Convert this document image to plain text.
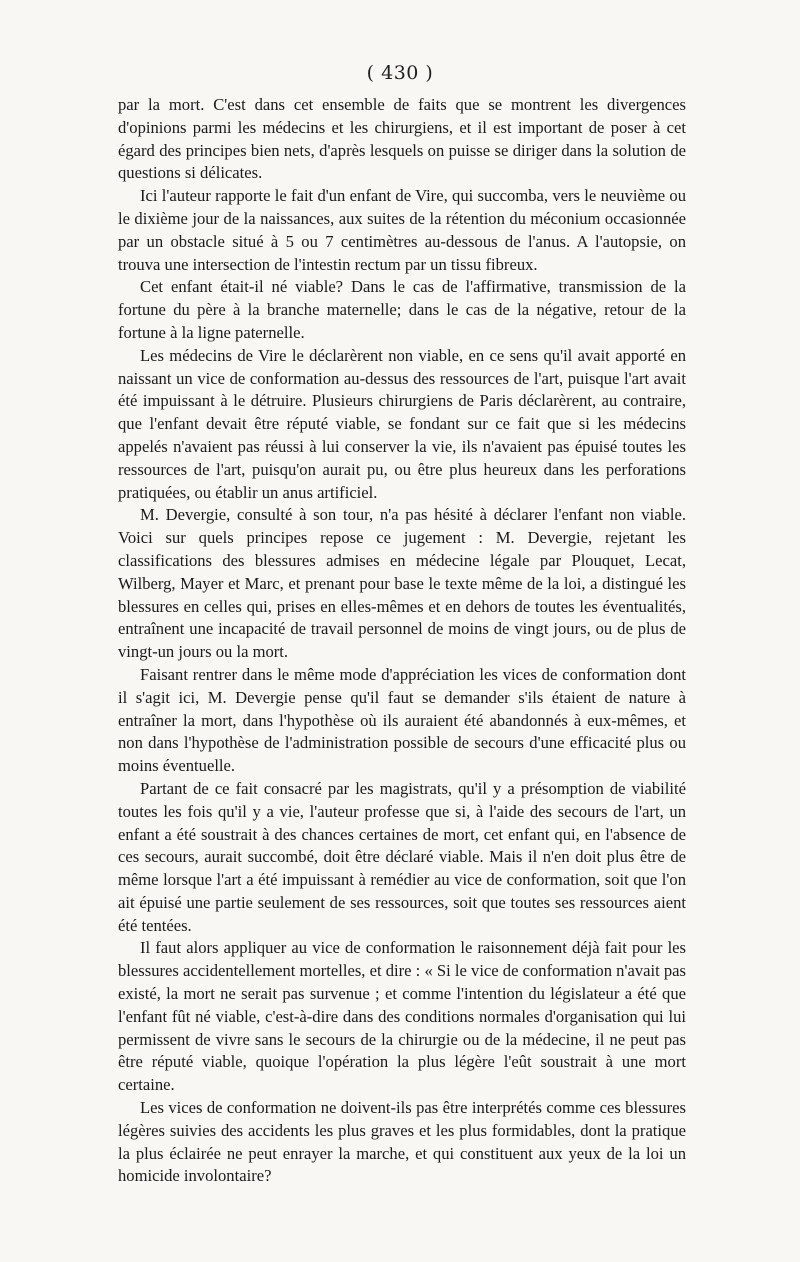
( 430 )

par la mort. C'est dans cet ensemble de faits que se montrent les divergences d'opinions parmi les médecins et les chirurgiens, et il est important de poser à cet égard des principes bien nets, d'après lesquels on puisse se diriger dans la solution de questions si délicates.

Ici l'auteur rapporte le fait d'un enfant de Vire, qui succomba, vers le neuvième ou le dixième jour de la naissances, aux suites de la rétention du méconium occasionnée par un obstacle situé à 5 ou 7 centimètres au-dessous de l'anus. A l'autopsie, on trouva une intersection de l'intestin rectum par un tissu fibreux.

Cet enfant était-il né viable? Dans le cas de l'affirmative, transmission de la fortune du père à la branche maternelle; dans le cas de la négative, retour de la fortune à la ligne paternelle.

Les médecins de Vire le déclarèrent non viable, en ce sens qu'il avait apporté en naissant un vice de conformation au-dessus des ressources de l'art, puisque l'art avait été impuissant à le détruire. Plusieurs chirurgiens de Paris déclarèrent, au contraire, que l'enfant devait être réputé viable, se fondant sur ce fait que si les médecins appelés n'avaient pas réussi à lui conserver la vie, ils n'avaient pas épuisé toutes les ressources de l'art, puisqu'on aurait pu, ou être plus heureux dans les perforations pratiquées, ou établir un anus artificiel.

M. Devergie, consulté à son tour, n'a pas hésité à déclarer l'enfant non viable. Voici sur quels principes repose ce jugement : M. Devergie, rejetant les classifications des blessures admises en médecine légale par Plouquet, Lecat, Wilberg, Mayer et Marc, et prenant pour base le texte même de la loi, a distingué les blessures en celles qui, prises en elles-mêmes et en dehors de toutes les éventualités, entraînent une incapacité de travail personnel de moins de vingt jours, ou de plus de vingt-un jours ou la mort.

Faisant rentrer dans le même mode d'appréciation les vices de conformation dont il s'agit ici, M. Devergie pense qu'il faut se demander s'ils étaient de nature à entraîner la mort, dans l'hypothèse où ils auraient été abandonnés à eux-mêmes, et non dans l'hypothèse de l'administration possible de secours d'une efficacité plus ou moins éventuelle.

Partant de ce fait consacré par les magistrats, qu'il y a présomption de viabilité toutes les fois qu'il y a vie, l'auteur professe que si, à l'aide des secours de l'art, un enfant a été soustrait à des chances certaines de mort, cet enfant qui, en l'absence de ces secours, aurait succombé, doit être déclaré viable. Mais il n'en doit plus être de même lorsque l'art a été impuissant à remédier au vice de conformation, soit que l'on ait épuisé une partie seulement de ses ressources, soit que toutes ses ressources aient été tentées.

Il faut alors appliquer au vice de conformation le raisonnement déjà fait pour les blessures accidentellement mortelles, et dire : « Si le vice de conformation n'avait pas existé, la mort ne serait pas survenue ; et comme l'intention du législateur a été que l'enfant fût né viable, c'est-à-dire dans des conditions normales d'organisation qui lui permissent de vivre sans le secours de la chirurgie ou de la médecine, il ne peut pas être réputé viable, quoique l'opération la plus légère l'eût soustrait à une mort certaine.

Les vices de conformation ne doivent-ils pas être interprétés comme ces blessures légères suivies des accidents les plus graves et les plus formidables, dont la pratique la plus éclairée ne peut enrayer la marche, et qui constituent aux yeux de la loi un homicide involontaire?
